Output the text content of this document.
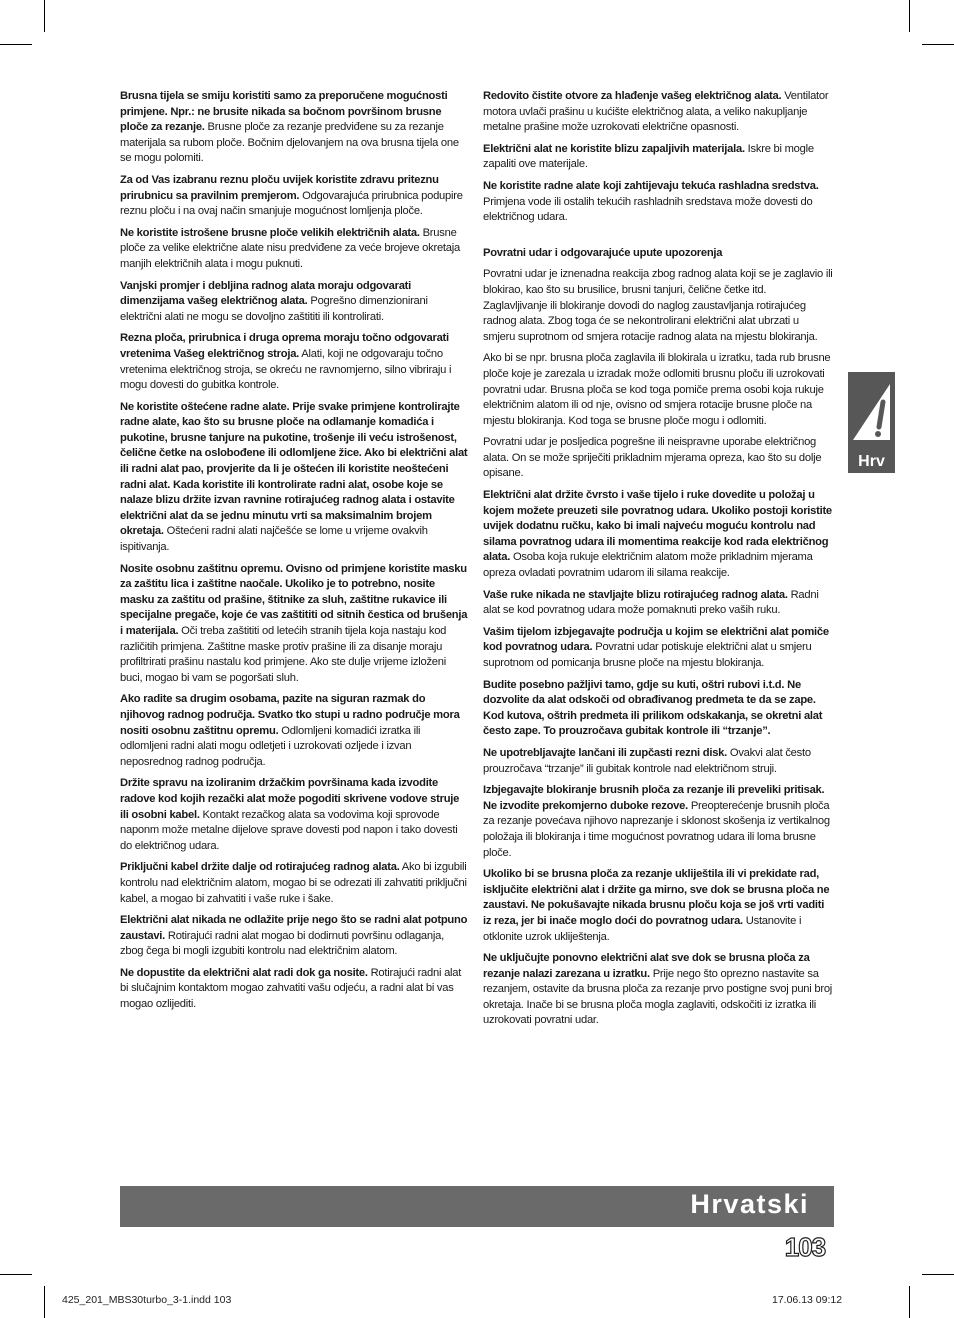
Brusna tijela se smiju koristiti samo za preporučene mogućnosti primjene. Npr.: ne brusite nikada sa bočnom površinom brusne ploče za rezanje. Brusne ploče za rezanje predviđene su za rezanje materijala sa rubom ploče. Bočnim djelovanjem na ova brusna tijela one se mogu polomiti.

Za od Vas izabranu reznu ploču uvijek koristite zdravu priteznu prirubnicu sa pravilnim premjerom. Odgovarajuća prirubnica podupire reznu ploču i na ovaj način smanjuje mogućnost lomljenja ploče.

Ne koristite istrošene brusne ploče velikih električnih alata. Brusne ploče za velike električne alate nisu predviđene za veće brojeve okretaja manjih električnih alata i mogu puknuti.

Vanjski promjer i debljina radnog alata moraju odgovarati dimenzijama vašeg električnog alata. Pogrešno dimenzionirani električni alati ne mogu se dovoljno zaštititi ili kontrolirati.

Rezna ploča, prirubnica i druga oprema moraju točno odgovarati vretenima Vašeg električnog stroja. Alati, koji ne odgovaraju točno vretenima električnog stroja, se okreću ne ravnomjerno, silno vibriraju i mogu dovesti do gubitka kontrole.

Ne koristite oštećene radne alate. Prije svake primjene kontrolirajte radne alate, kao što su brusne ploče na odlamanje komadića i pukotine, brusne tanjure na pukotine, trošenje ili veću istrošenost, čelične četke na oslobođene ili odlomljene žice. Ako bi električni alat ili radni alat pao, provjerite da li je oštećen ili koristite neoštećeni radni alat. Kada koristite ili kontrolirate radni alat, osobe koje se nalaze blizu držite izvan ravnine rotirajućeg radnog alata i ostavite električni alat da se jednu minutu vrti sa maksimalnim brojem okretaja. Oštećeni radni alati najčešće se lome u vrijeme ovakvih ispitivanja.

Nosite osobnu zaštitnu opremu. Ovisno od primjene koristite masku za zaštitu lica i zaštitne naočale. Ukoliko je to potrebno, nosite masku za zaštitu od prašine, štitnike za sluh, zaštitne rukavice ili specijalne pregače, koje će vas zaštititi od sitnih čestica od brušenja i materijala. Oči treba zaštititi od letećih stranih tijela koja nastaju kod različitih primjena. Zaštitne maske protiv prašine ili za disanje moraju profiltrirati prašinu nastalu kod primjene. Ako ste dulje vrijeme izloženi buci, mogao bi vam se pogoršati sluh.

Ako radite sa drugim osobama, pazite na siguran razmak do njihovog radnog područja. Svatko tko stupi u radno područje mora nositi osobnu zaštitnu opremu. Odlomljeni komadići izratka ili odlomljeni radni alati mogu odletjeti i uzrokovati ozljede i izvan neposrednog radnog područja.

Držite spravu na izoliranim držačkim površinama kada izvodite radove kod kojih rezački alat može pogoditi skrivene vodove struje ili osobni kabel. Kontakt rezačkog alata sa vodovima koji sprovode naponm može metalne dijelove sprave dovesti pod napon i tako dovesti do električnog udara.

Priključni kabel držite dalje od rotirajućeg radnog alata. Ako bi izgubili kontrolu nad električnim alatom, mogao bi se odrezati ili zahvatiti priključni kabel, a mogao bi zahvatiti i vaše ruke i šake.

Električni alat nikada ne odlažite prije nego što se radni alat potpuno zaustavi. Rotirajući radni alat mogao bi dodirnuti površinu odlaganja, zbog čega bi mogli izgubiti kontrolu nad električnim alatom.

Ne dopustite da električni alat radi dok ga nosite. Rotirajući radni alat bi slučajnim kontaktom mogao zahvatiti vašu odjeću, a radni alat bi vas mogao ozlijediti.

Redovito čistite otvore za hlađenje vašeg električnog alata. Ventilator motora uvlači prašinu u kućište električnog alata, a veliko nakupljanje metalne prašine može uzrokovati električne opasnosti.

Električni alat ne koristite blizu zapaljivih materijala. Iskre bi mogle zapaliti ove materijale.

Ne koristite radne alate koji zahtijevaju tekuća rashladna sredstva. Primjena vode ili ostalih tekućih rashladnih sredstava može dovesti do električnog udara.

Povratni udar i odgovarajuće upute upozorenja

Povratni udar je iznenadna reakcija zbog radnog alata koji se je zaglavio ili blokirao, kao što su brusilice, brusni tanjuri, čelične četke itd. Zaglavljivanje ili blokiranje dovodi do naglog zaustavljanja rotirajućeg radnog alata. Zbog toga će se nekontrolirani električni alat ubrzati u smjeru suprotnom od smjera rotacije radnog alata na mjestu blokiranja.

Ako bi se npr. brusna ploča zaglavila ili blokirala u izratku, tada rub brusne ploče koje je zarezala u izradak može odlomiti brusnu ploču ili uzrokovati povratni udar. Brusna ploča se kod toga pomiče prema osobi koja rukuje električnim alatom ili od nje, ovisno od smjera rotacije brusne ploče na mjestu blokiranja. Kod toga se brusne ploče mogu i odlomiti.

Povratni udar je posljedica pogrešne ili neispravne uporabe električnog alata. On se može spriječiti prikladnim mjerama opreza, kao što su dolje opisane.

Električni alat držite čvrsto i vaše tijelo i ruke dovedite u položaj u kojem možete preuzeti sile povratnog udara. Ukoliko postoji koristite uvijek dodatnu ručku, kako bi imali najveću moguću kontrolu nad silama povratnog udara ili momentima reakcije kod rada električnog alata. Osoba koja rukuje električnim alatom može prikladnim mjerama opreza ovladati povratnim udarom ili silama reakcije.

Vaše ruke nikada ne stavljajte blizu rotirajućeg radnog alata. Radni alat se kod povratnog udara može pomaknuti preko vaših ruku.

Vašim tijelom izbjegavajte područja u kojim se električni alat pomiče kod povratnog udara. Povratni udar potiskuje električni alat u smjeru suprotnom od pomicanja brusne ploče na mjestu blokiranja.

Budite posebno pažljivi tamo, gdje su kuti, oštri rubovi i.t.d. Ne dozvolite da alat odskoči od obrađivanog predmeta te da se zape. Kod kutova, oštrih predmeta ili prilikom odskakanja, se okretni alat često zape. To prouzročava gubitak kontrole ili “trzanje”.

Ne upotrebljavajte lančani ili zupčasti rezni disk. Ovakvi alat često prouzročava “trzanje” ili gubitak kontrole nad električnom struji.

Izbjegavajte blokiranje brusnih ploča za rezanje ili preveliki pritisak. Ne izvodite prekomjerno duboke rezove. Preopterećenje brusnih ploča za rezanje povećava njihovo naprezanje i sklonost skošenja iz vertikalnog položaja ili blokiranja i time mogućnost povratnog udara ili loma brusne ploče.

Ukoliko bi se brusna ploča za rezanje ukliještila ili vi prekidate rad, isključite električni alat i držite ga mirno, sve dok se brusna ploča ne zaustavi. Ne pokušavajte nikada brusnu ploču koja se još vrti vaditi iz reza, jer bi inače moglo doći do povratnog udara. Ustanovite i otklonite uzrok ukliještenja.

Ne uključujte ponovno električni alat sve dok se brusna ploča za rezanje nalazi zarezana u izratku. Prije nego što oprezno nastavite sa rezanjem, ostavite da brusna ploča za rezanje prvo postigne svoj puni broj okretaja. Inače bi se brusna ploča mogla zaglaviti, odskočiti iz izratka ili uzrokovati povratni udar.

Hrv
Hrvatski
103
425_201_MBS30turbo_3-1.indd 103	17.06.13 09:12
